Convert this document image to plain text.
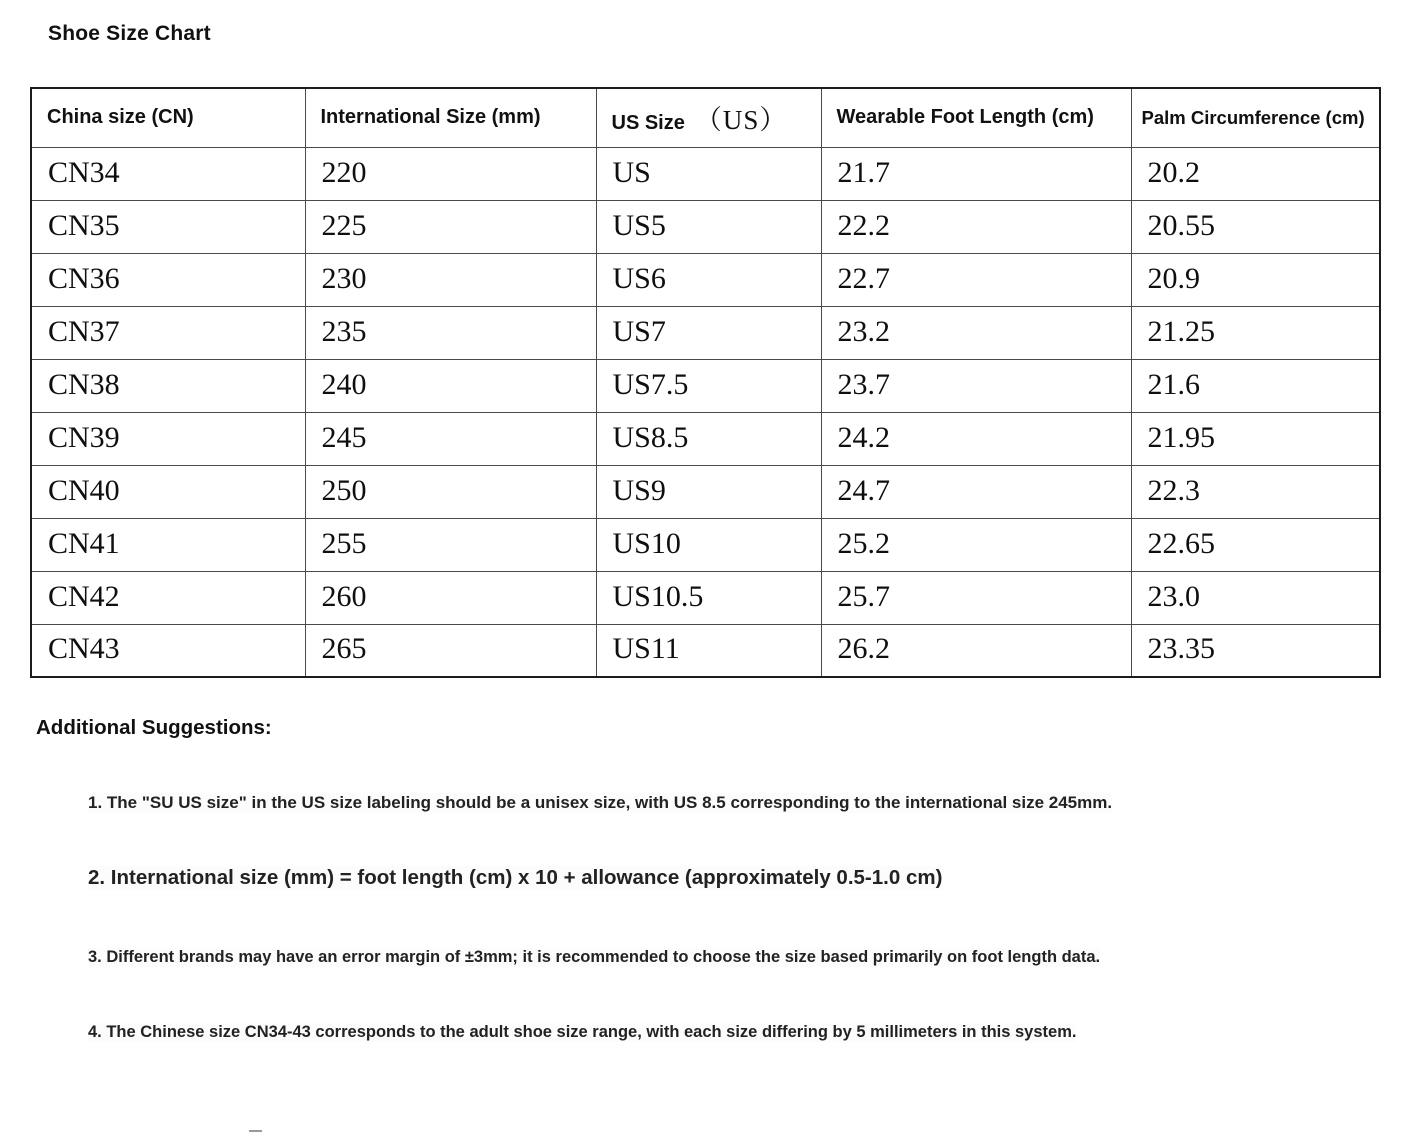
Shoe Size Chart
China size (CN)	International Size (mm)	US Size （US）	Wearable Foot Length (cm)	Palm Circumference (cm)
CN34	220	US	21.7	20.2
CN35	225	US5	22.2	20.55
CN36	230	US6	22.7	20.9
CN37	235	US7	23.2	21.25
CN38	240	US7.5	23.7	21.6
CN39	245	US8.5	24.2	21.95
CN40	250	US9	24.7	22.3
CN41	255	US10	25.2	22.65
CN42	260	US10.5	25.7	23.0
CN43	265	US11	26.2	23.35
Additional Suggestions:
1. The "SU US size" in the US size labeling should be a unisex size, with US 8.5 corresponding to the international size 245mm.
2. International size (mm) = foot length (cm) x 10 + allowance (approximately 0.5-1.0 cm)
3. Different brands may have an error margin of ±3mm; it is recommended to choose the size based primarily on foot length data.
4. The Chinese size CN34-43 corresponds to the adult shoe size range, with each size differing by 5 millimeters in this system.
